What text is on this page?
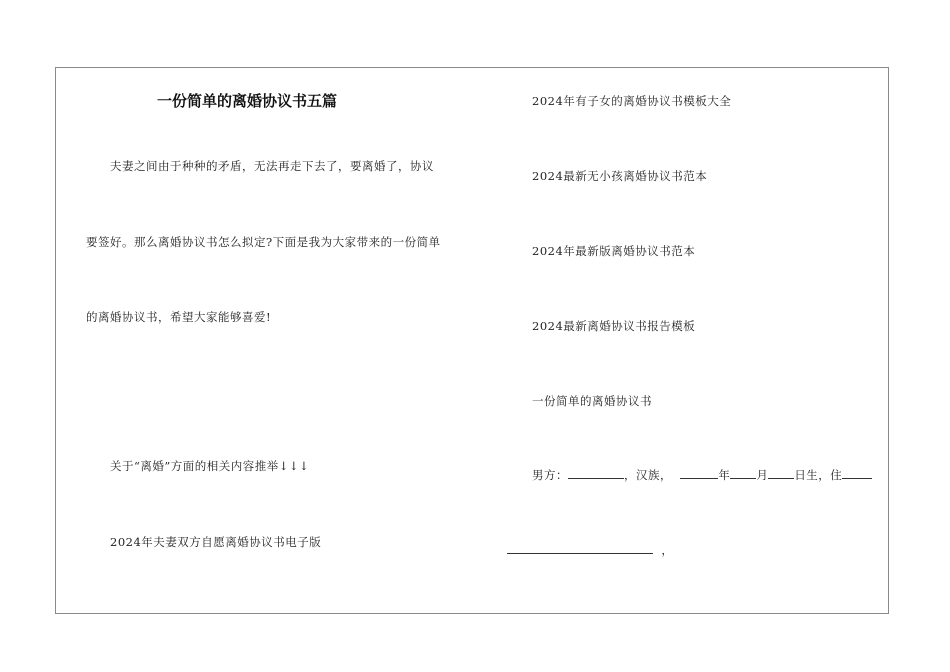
一份简单的离婚协议书五篇
夫妻之间由于种种的矛盾，无法再走下去了，要离婚了，协议
要签好。那么离婚协议书怎么拟定?下面是我为大家带来的一份简单
的离婚协议书，希望大家能够喜爱!
关于“离婚”方面的相关内容推举↓↓↓
2024年夫妻双方自愿离婚协议书电子版
2024年有子女的离婚协议书模板大全
2024最新无小孩离婚协议书范本
2024年最新版离婚协议书范本
2024最新离婚协议书报告模板
一份简单的离婚协议书
男方：	，汉族，	年 月 日生，住
，
